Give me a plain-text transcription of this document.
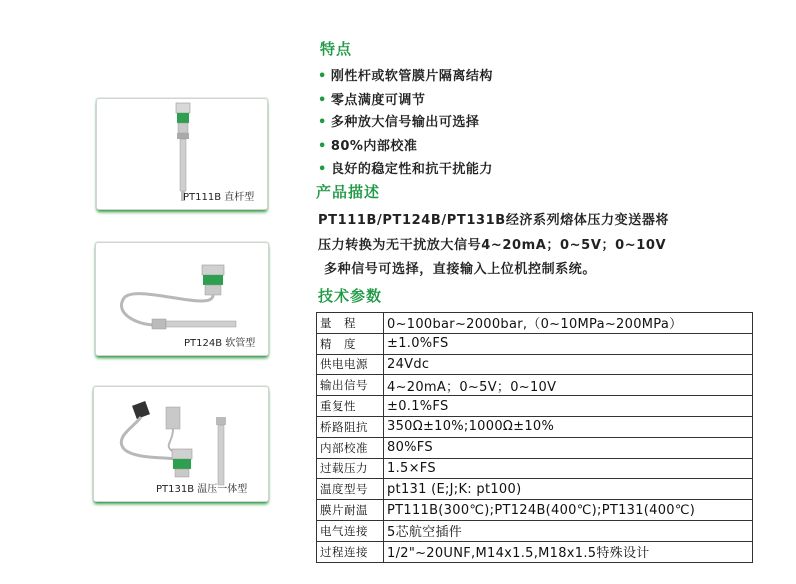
PT111B 直杆型
PT124B 软管型
PT131B 温压一体型
特点
• 刚性杆或软管膜片隔离结构
• 零点满度可调节
• 多种放大信号输出可选择
• 80%内部校准
• 良好的稳定性和抗干扰能力
产品描述
PT111B/PT124B/PT131B经济系列熔体压力变送器将
压力转换为无干扰放大信号4~20mA；0~5V；0~10V
多种信号可选择，直接输入上位机控制系统。
技术参数
量　程	0~100bar~2000bar,（0~10MPa~200MPa）
精　度	±1.0%FS
供电电源	24Vdc
输出信号	4~20mA；0~5V；0~10V
重复性	±0.1%FS
桥路阻抗	350Ω±10%;1000Ω±10%
内部校准	80%FS
过载压力	1.5×FS
温度型号	pt131 (E;J;K: pt100)
膜片耐温	PT111B(300℃);PT124B(400℃);PT131(400℃)
电气连接	5芯航空插件
过程连接	1/2"~20UNF,M14x1.5,M18x1.5特殊设计
